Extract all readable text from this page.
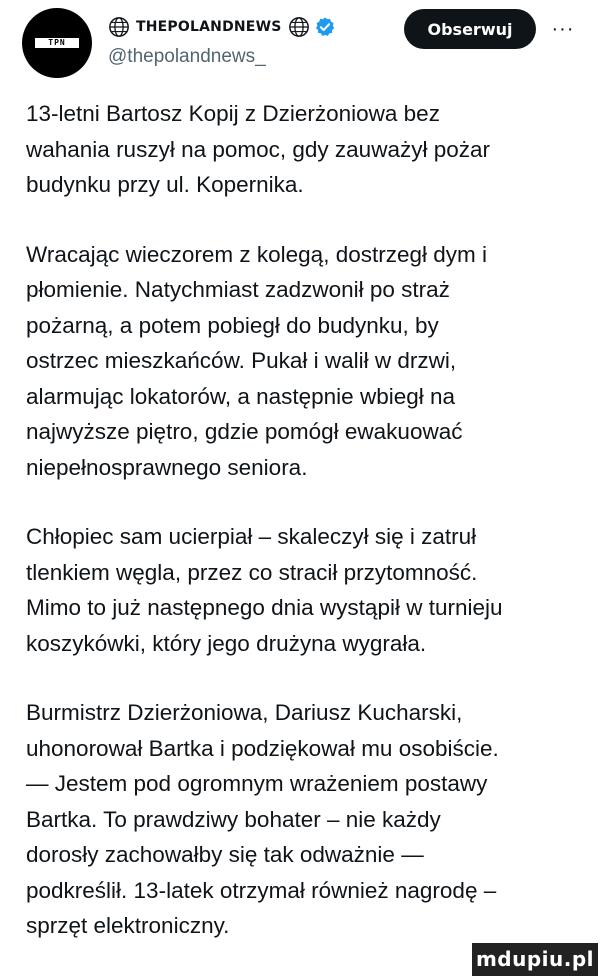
TPN
THEPOLANDNEWS
@thepolandnews_
Obserwuj	···

13-letni Bartosz Kopij z Dzierżoniowa bez
wahania ruszył na pomoc, gdy zauważył pożar
budynku przy ul. Kopernika.

Wracając wieczorem z kolegą, dostrzegł dym i
płomienie. Natychmiast zadzwonił po straż
pożarną, a potem pobiegł do budynku, by
ostrzec mieszkańców. Pukał i walił w drzwi,
alarmując lokatorów, a następnie wbiegł na
najwyższe piętro, gdzie pomógł ewakuować
niepełnosprawnego seniora.

Chłopiec sam ucierpiał – skaleczył się i zatruł
tlenkiem węgla, przez co stracił przytomność.
Mimo to już następnego dnia wystąpił w turnieju
koszykówki, który jego drużyna wygrała.

Burmistrz Dzierżoniowa, Dariusz Kucharski,
uhonorował Bartka i podziękował mu osobiście.
— Jestem pod ogromnym wrażeniem postawy
Bartka. To prawdziwy bohater – nie każdy
dorosły zachowałby się tak odważnie —
podkreślił. 13-latek otrzymał również nagrodę –
sprzęt elektroniczny.

mdupiu.pl
